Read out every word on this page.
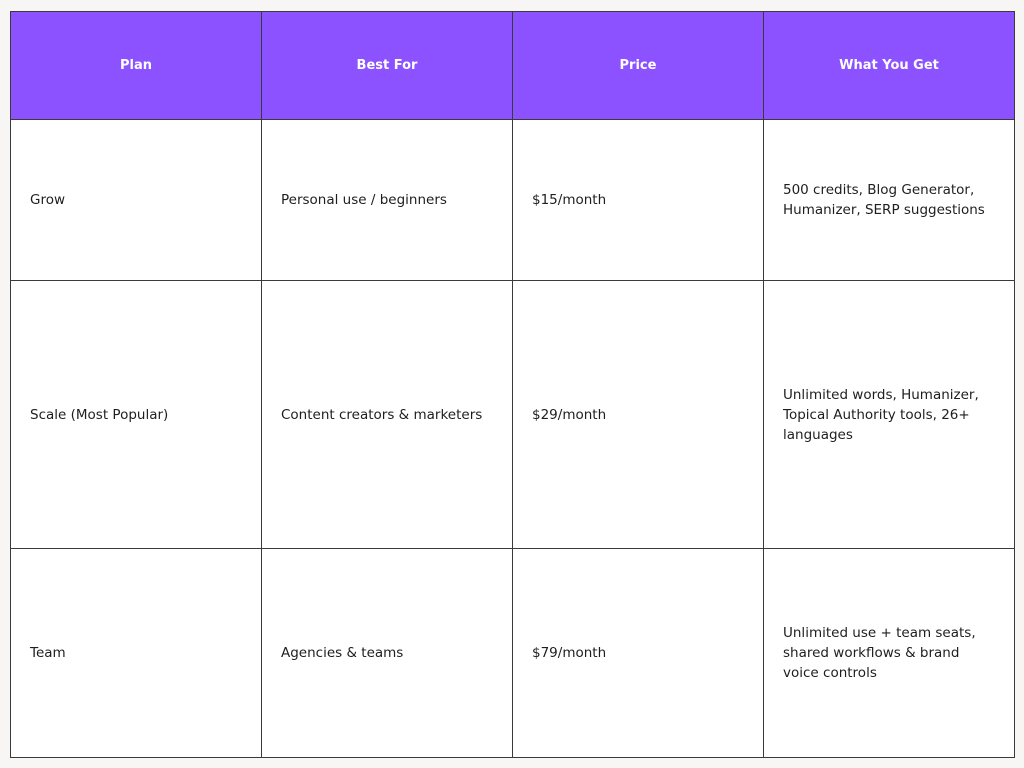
Plan	Best For	Price	What You Get
Grow	Personal use / beginners	$15/month	500 credits, Blog Generator, Humanizer, SERP suggestions
Scale (Most Popular)	Content creators & marketers	$29/month	Unlimited words, Humanizer, Topical Authority tools, 26+ languages
Team	Agencies & teams	$79/month	Unlimited use + team seats, shared workflows & brand voice controls
